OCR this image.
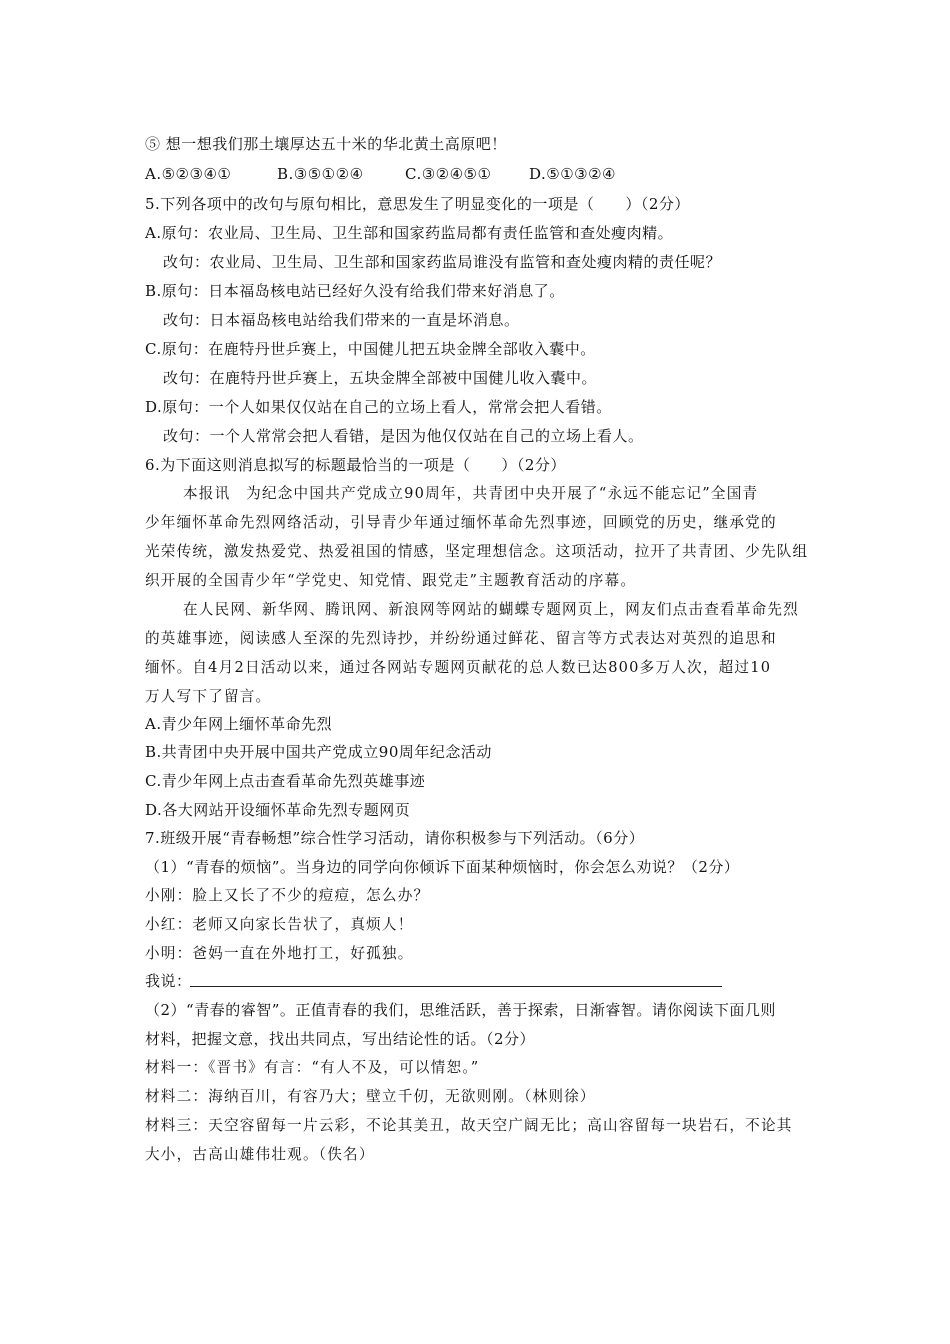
⑤ 想一想我们那土壤厚达五十米的华北黄土高原吧！
A.⑤②③④①	B.③⑤①②④	C.③②④⑤①	D.⑤①③②④
5.下列各项中的改句与原句相比，意思发生了明显变化的一项是（　　）（2分）
A.原句：农业局、卫生局、卫生部和国家药监局都有责任监管和查处瘦肉精。
改句：农业局、卫生局、卫生部和国家药监局谁没有监管和查处瘦肉精的责任呢？
B.原句：日本福岛核电站已经好久没有给我们带来好消息了。
改句：日本福岛核电站给我们带来的一直是坏消息。
C.原句：在鹿特丹世乒赛上，中国健儿把五块金牌全部收入囊中。
改句：在鹿特丹世乒赛上，五块金牌全部被中国健儿收入囊中。
D.原句：一个人如果仅仅站在自己的立场上看人，常常会把人看错。
改句：一个人常常会把人看错，是因为他仅仅站在自己的立场上看人。
6.为下面这则消息拟写的标题最恰当的一项是（　　）（2分）
本报讯　为纪念中国共产党成立90周年，共青团中央开展了“永远不能忘记”全国青
少年缅怀革命先烈网络活动，引导青少年通过缅怀革命先烈事迹，回顾党的历史，继承党的
光荣传统，激发热爱党、热爱祖国的情感，坚定理想信念。这项活动，拉开了共青团、少先队组
织开展的全国青少年“学党史、知党情、跟党走”主题教育活动的序幕。
在人民网、新华网、腾讯网、新浪网等网站的蝴蝶专题网页上，网友们点击查看革命先烈
的英雄事迹，阅读感人至深的先烈诗抄，并纷纷通过鲜花、留言等方式表达对英烈的追思和
缅怀。自4月2日活动以来，通过各网站专题网页献花的总人数已达800多万人次，超过10
万人写下了留言。
A.青少年网上缅怀革命先烈
B.共青团中央开展中国共产党成立90周年纪念活动
C.青少年网上点击查看革命先烈英雄事迹
D.各大网站开设缅怀革命先烈专题网页
7.班级开展“青春畅想”综合性学习活动，请你积极参与下列活动。（6分）
（1）“青春的烦恼”。当身边的同学向你倾诉下面某种烦恼时，你会怎么劝说？（2分）
小刚：脸上又长了不少的痘痘，怎么办？
小红：老师又向家长告状了，真烦人！
小明：爸妈一直在外地打工，好孤独。
我说：
（2）“青春的睿智”。正值青春的我们，思维活跃，善于探索，日渐睿智。请你阅读下面几则
材料，把握文意，找出共同点，写出结论性的话。（2分）
材料一：《晋书》有言：“有人不及，可以情恕。”
材料二：海纳百川，有容乃大；壁立千仞，无欲则刚。（林则徐）
材料三：天空容留每一片云彩，不论其美丑，故天空广阔无比；高山容留每一块岩石，不论其
大小，古高山雄伟壮观。（佚名）
